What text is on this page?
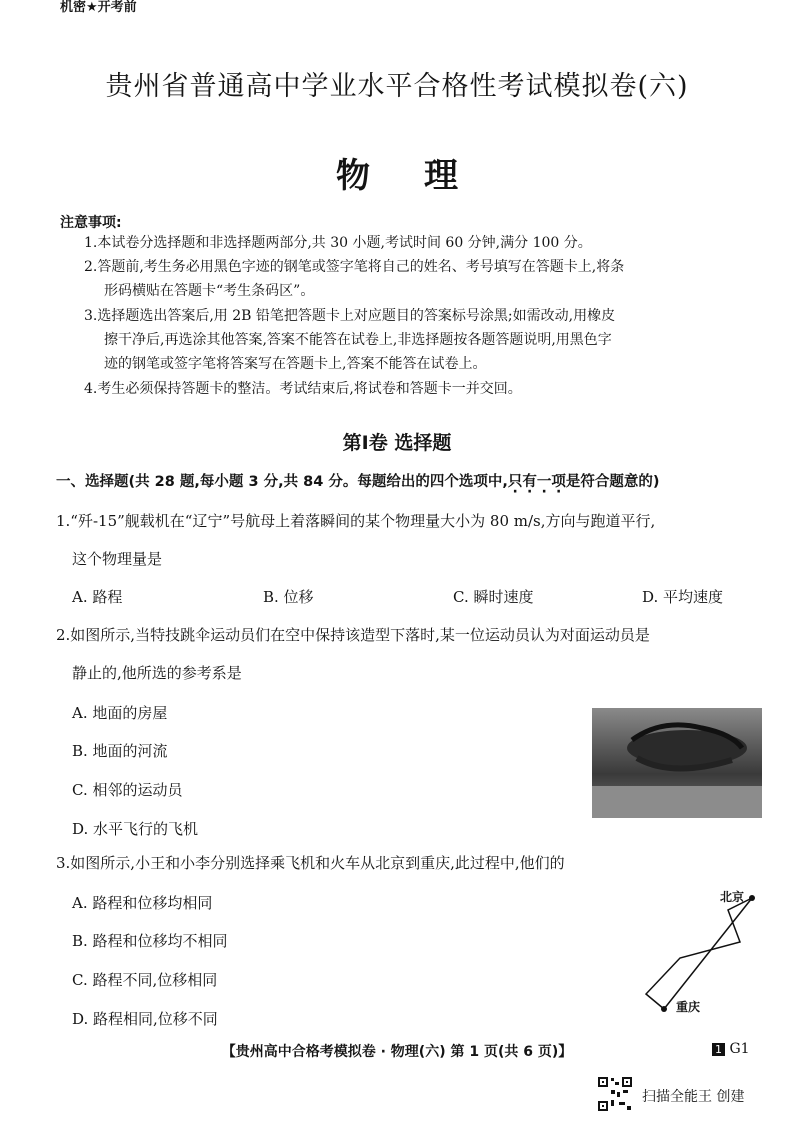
机密★开考前
贵州省普通高中学业水平合格性考试模拟卷(六)
物理
注意事项:
1.本试卷分选择题和非选择题两部分,共 30 小题,考试时间 60 分钟,满分 100 分。
2.答题前,考生务必用黑色字迹的钢笔或签字笔将自己的姓名、考号填写在答题卡上,将条
形码横贴在答题卡“考生条码区”。
3.选择题选出答案后,用 2B 铅笔把答题卡上对应题目的答案标号涂黑;如需改动,用橡皮
擦干净后,再选涂其他答案,答案不能答在试卷上,非选择题按各题答题说明,用黑色字
迹的钢笔或签字笔将答案写在答题卡上,答案不能答在试卷上。
4.考生必须保持答题卡的整洁。考试结束后,将试卷和答题卡一并交回。
第Ⅰ卷 选择题
一、选择题(共 28 题,每小题 3 分,共 84 分。每题给出的四个选项中,只有一项是符合题意的)
1.“歼-15”舰载机在“辽宁”号航母上着落瞬间的某个物理量大小为 80 m/s,方向与跑道平行,
这个物理量是
A. 路程	B. 位移	C. 瞬时速度	D. 平均速度
2.如图所示,当特技跳伞运动员们在空中保持该造型下落时,某一位运动员认为对面运动员是
静止的,他所选的参考系是
A. 地面的房屋
B. 地面的河流
C. 相邻的运动员
D. 水平飞行的飞机
3.如图所示,小王和小李分别选择乘飞机和火车从北京到重庆,此过程中,他们的
A. 路程和位移均相同
B. 路程和位移均不相同
C. 路程不同,位移相同
D. 路程相同,位移不同
北京
重庆
【贵州高中合格考模拟卷 · 物理(六) 第 1 页(共 6 页)】	1 G1
扫描全能王 创建
